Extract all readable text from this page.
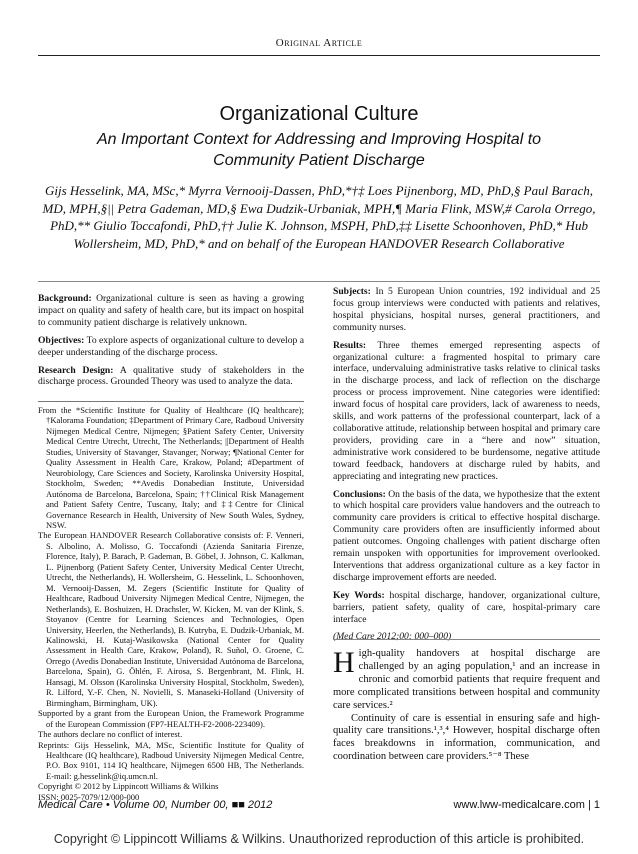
Original Article
Organizational Culture
An Important Context for Addressing and Improving Hospital to Community Patient Discharge
Gijs Hesselink, MA, MSc,* Myrra Vernooij-Dassen, PhD,*†‡ Loes Pijnenborg, MD, PhD,§ Paul Barach, MD, MPH,§|| Petra Gademan, MD,§ Ewa Dudzik-Urbaniak, MPH,¶ Maria Flink, MSW,# Carola Orrego, PhD,** Giulio Toccafondi, PhD,†† Julie K. Johnson, MSPH, PhD,‡‡ Lisette Schoonhoven, PhD,* Hub Wollersheim, MD, PhD,* and on behalf of the European HANDOVER Research Collaborative

Background: Organizational culture is seen as having a growing impact on quality and safety of health care, but its impact on hospital to community patient discharge is relatively unknown.

Objectives: To explore aspects of organizational culture to develop a deeper understanding of the discharge process.

Research Design: A qualitative study of stakeholders in the discharge process. Grounded Theory was used to analyze the data.

From the *Scientific Institute for Quality of Healthcare (IQ healthcare); †Kalorama Foundation; ‡Department of Primary Care, Radboud University Nijmegen Medical Centre, Nijmegen; §Patient Safety Center, University Medical Centre Utrecht, Utrecht, The Netherlands; ||Department of Health Studies, University of Stavanger, Stavanger, Norway; ¶National Center for Quality Assessment in Health Care, Krakow, Poland; #Department of Neurobiology, Care Sciences and Society, Karolinska University Hospital, Stockholm, Sweden; **Avedis Donabedian Institute, Universidad Autónoma de Barcelona, Barcelona, Spain; ††Clinical Risk Management and Patient Safety Centre, Tuscany, Italy; and ‡‡Centre for Clinical Governance Research in Health, University of New South Wales, Sydney, NSW.

The European HANDOVER Research Collaborative consists of: F. Venneri, S. Albolino, A. Molisso, G. Toccafondi (Azienda Sanitaria Firenze, Florence, Italy), P. Barach, P. Gademan, B. Göbel, J. Johnson, C. Kalkman, L. Pijnenborg (Patient Safety Center, University Medical Center Utrecht, Utrecht, the Netherlands), H. Wollersheim, G. Hesselink, L. Schoonhoven, M. Vernooij-Dassen, M. Zegers (Scientific Institute for Quality of Healthcare, Radboud University Nijmegen Medical Centre, Nijmegen, the Netherlands), E. Boshuizen, H. Drachsler, W. Kicken, M. van der Klink, S. Stoyanov (Centre for Learning Sciences and Technologies, Open University, Heerlen, the Netherlands), B. Kutryba, E. Dudzik-Urbaniak, M. Kalinowski, H. Kutaj-Wasikowska (National Center for Quality Assessment in Health Care, Krakow, Poland), R. Suñol, O. Groene, C. Orrego (Avedis Donabedian Institute, Universidad Autónoma de Barcelona, Barcelona, Spain), G. Öhlén, F. Airosa, S. Bergenbrant, M. Flink, H. Hansagi, M. Olsson (Karolinska University Hospital, Stockholm, Sweden), R. Lilford, Y.-F. Chen, N. Novielli, S. Manaseki-Holland (University of Birmingham, Birmingham, UK).

Supported by a grant from the European Union, the Framework Programme of the European Commission (FP7-HEALTH-F2-2008-223409).

The authors declare no conflict of interest.

Reprints: Gijs Hesselink, MA, MSc, Scientific Institute for Quality of Healthcare (IQ healthcare), Radboud University Nijmegen Medical Centre, P.O. Box 9101, 114 IQ healthcare, Nijmegen 6500 HB, The Netherlands. E-mail: g.hesselink@iq.umcn.nl.

Copyright © 2012 by Lippincott Williams & Wilkins

ISSN: 0025-7079/12/000-000

Subjects: In 5 European Union countries, 192 individual and 25 focus group interviews were conducted with patients and relatives, hospital physicians, hospital nurses, general practitioners, and community nurses.

Results: Three themes emerged representing aspects of organizational culture: a fragmented hospital to primary care interface, undervaluing administrative tasks relative to clinical tasks in the discharge process, and lack of reflection on the discharge process or process improvement. Nine categories were identified: inward focus of hospital care providers, lack of awareness to needs, skills, and work patterns of the professional counterpart, lack of a collaborative attitude, relationship between hospital and primary care providers, providing care in a “here and now” situation, administrative work considered to be burdensome, negative attitude toward feedback, handovers at discharge ruled by habits, and appreciating and integrating new practices.

Conclusions: On the basis of the data, we hypothesize that the extent to which hospital care providers value handovers and the outreach to community care providers is critical to effective hospital discharge. Community care providers often are insufficiently informed about patient outcomes. Ongoing challenges with patient discharge often remain unspoken with opportunities for improvement overlooked. Interventions that address organizational culture as a key factor in discharge improvement efforts are needed.

Key Words: hospital discharge, handover, organizational culture, barriers, patient safety, quality of care, hospital-primary care interface

(Med Care 2012;00: 000–000)

High-quality handovers at hospital discharge are challenged by an aging population,¹ and an increase in chronic and comorbid patients that require frequent and more complicated transitions between hospital and community care services.²

Continuity of care is essential in ensuring safe and high-quality care transitions.¹,³,⁴ However, hospital discharge often faces breakdowns in information, communication, and coordination between care providers.⁵⁻⁸ These

Medical Care • Volume 00, Number 00, ■■ 2012	www.lww-medicalcare.com | 1
Copyright © Lippincott Williams & Wilkins. Unauthorized reproduction of this article is prohibited.
